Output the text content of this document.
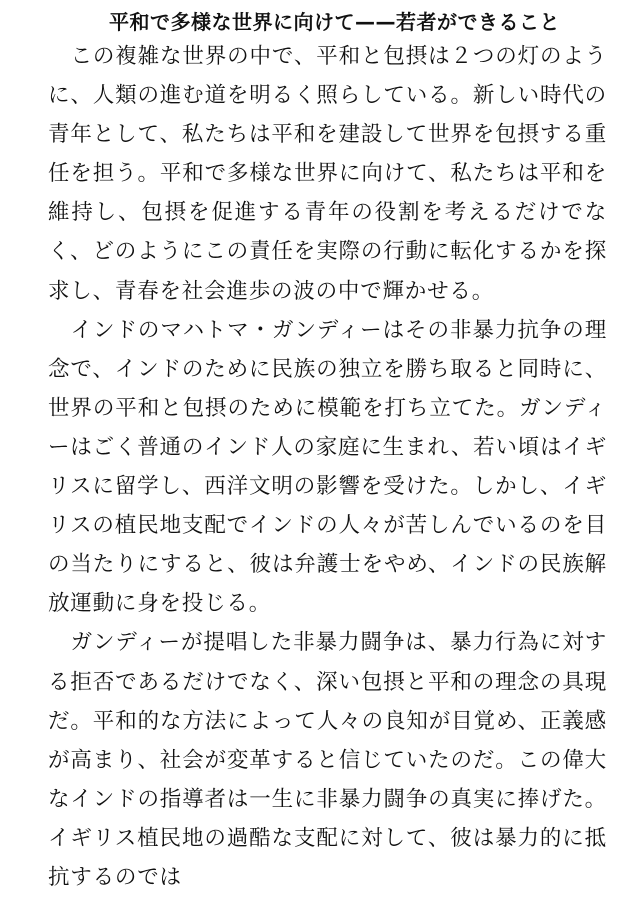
平和で多様な世界に向けて——若者ができること

この複雑な世界の中で、平和と包摂は２つの灯のように、人類の進む道を明るく照らしている。新しい時代の青年として、私たちは平和を建設して世界を包摂する重任を担う。平和で多様な世界に向けて、私たちは平和を維持し、包摂を促進する青年の役割を考えるだけでなく、どのようにこの責任を実際の行動に転化するかを探求し、青春を社会進歩の波の中で輝かせる。

インドのマハトマ・ガンディーはその非暴力抗争の理念で、インドのために民族の独立を勝ち取ると同時に、世界の平和と包摂のために模範を打ち立てた。ガンディーはごく普通のインド人の家庭に生まれ、若い頃はイギリスに留学し、西洋文明の影響を受けた。しかし、イギリスの植民地支配でインドの人々が苦しんでいるのを目の当たりにすると、彼は弁護士をやめ、インドの民族解放運動に身を投じる。

ガンディーが提唱した非暴力闘争は、暴力行為に対する拒否であるだけでなく、深い包摂と平和の理念の具現だ。平和的な方法によって人々の良知が目覚め、正義感が高まり、社会が変革すると信じていたのだ。この偉大なインドの指導者は一生に非暴力闘争の真実に捧げた。イギリス植民地の過酷な支配に対して、彼は暴力的に抵抗するのでは
